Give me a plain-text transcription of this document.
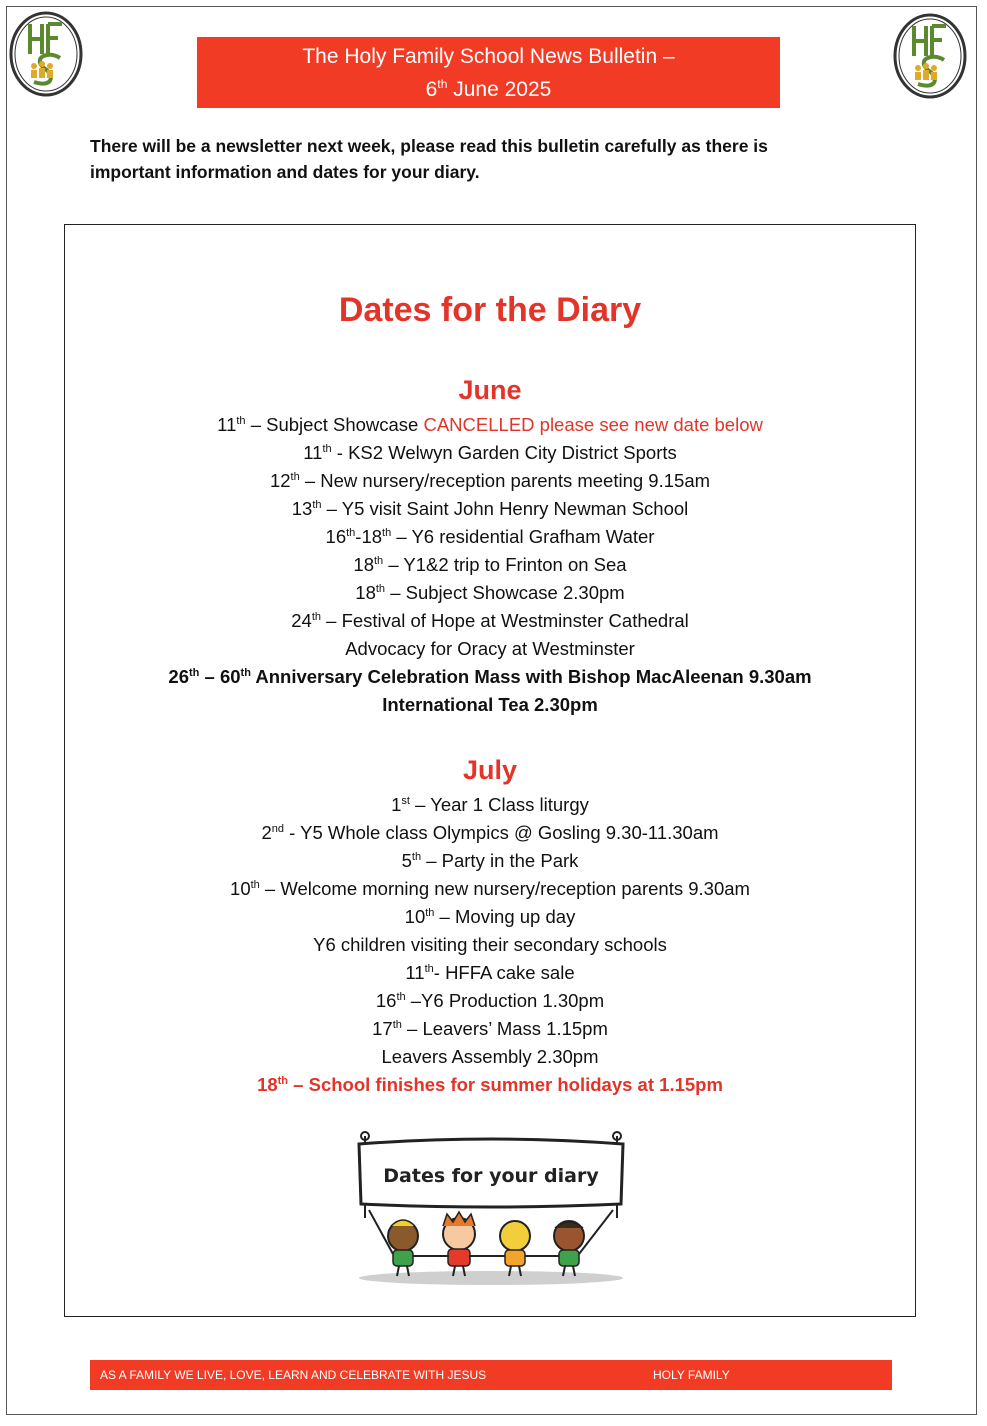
The Holy Family School News Bulletin –
6th June 2025
There will be a newsletter next week, please read this bulletin carefully as there is important information and dates for your diary.
Dates for the Diary
June
11th – Subject Showcase CANCELLED please see new date below
11th - KS2 Welwyn Garden City District Sports
12th – New nursery/reception parents meeting 9.15am
13th – Y5 visit Saint John Henry Newman School
16th-18th – Y6 residential Grafham Water
18th – Y1&2 trip to Frinton on Sea
18th – Subject Showcase 2.30pm
24th – Festival of Hope at Westminster Cathedral
Advocacy for Oracy at Westminster
26th – 60th Anniversary Celebration Mass with Bishop MacAleenan 9.30am
International Tea 2.30pm
July
1st – Year 1 Class liturgy
2nd - Y5 Whole class Olympics @ Gosling 9.30-11.30am
5th – Party in the Park
10th – Welcome morning new nursery/reception parents 9.30am
10th – Moving up day
Y6 children visiting their secondary schools
11th- HFFA cake sale
16th –Y6 Production 1.30pm
17th – Leavers’ Mass 1.15pm
Leavers Assembly 2.30pm
18th – School finishes for summer holidays at 1.15pm
Dates for your diary
AS A FAMILY WE LIVE, LOVE, LEARN AND CELEBRATE WITH JESUS	HOLY FAMILY
